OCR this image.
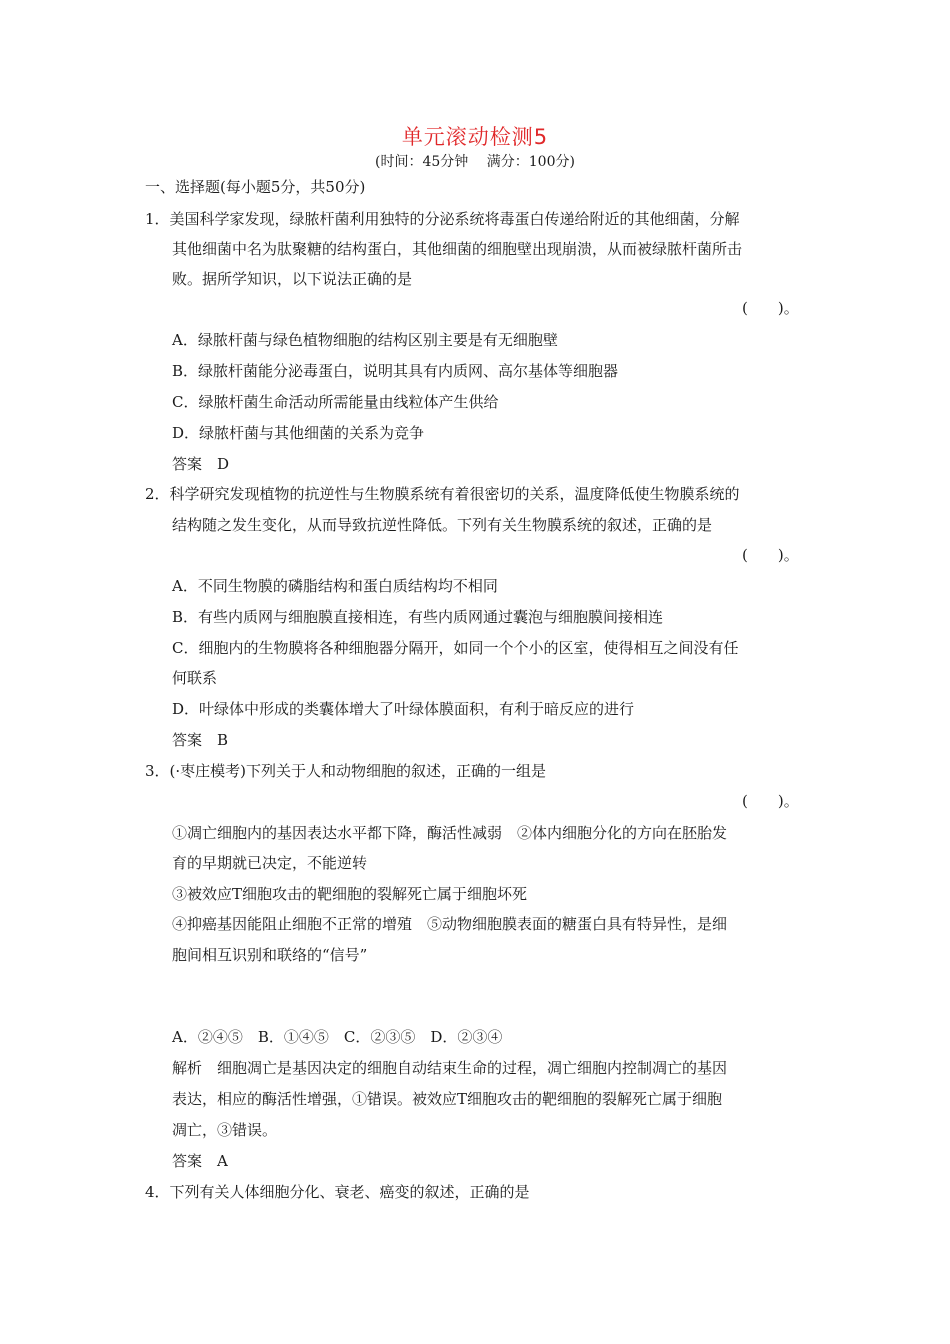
单元滚动检测5
(时间：45分钟　 满分：100分)
一、选择题(每小题5分，共50分)
1．美国科学家发现，绿脓杆菌利用独特的分泌系统将毒蛋白传递给附近的其他细菌，分解
其他细菌中名为肽聚糖的结构蛋白，其他细菌的细胞壁出现崩溃，从而被绿脓杆菌所击
败。据所学知识，以下说法正确的是
(　　)。
A．绿脓杆菌与绿色植物细胞的结构区别主要是有无细胞壁
B．绿脓杆菌能分泌毒蛋白，说明其具有内质网、高尔基体等细胞器
C．绿脓杆菌生命活动所需能量由线粒体产生供给
D．绿脓杆菌与其他细菌的关系为竞争
答案　D
2．科学研究发现植物的抗逆性与生物膜系统有着很密切的关系，温度降低使生物膜系统的
结构随之发生变化，从而导致抗逆性降低。下列有关生物膜系统的叙述，正确的是
(　　)。
A．不同生物膜的磷脂结构和蛋白质结构均不相同
B．有些内质网与细胞膜直接相连，有些内质网通过囊泡与细胞膜间接相连
C．细胞内的生物膜将各种细胞器分隔开，如同一个个小的区室，使得相互之间没有任
何联系
D．叶绿体中形成的类囊体增大了叶绿体膜面积，有利于暗反应的进行
答案　B
3．(·枣庄模考)下列关于人和动物细胞的叙述，正确的一组是
(　　)。
①凋亡细胞内的基因表达水平都下降，酶活性减弱　②体内细胞分化的方向在胚胎发
育的早期就已决定，不能逆转
③被效应T细胞攻击的靶细胞的裂解死亡属于细胞坏死
④抑癌基因能阻止细胞不正常的增殖　⑤动物细胞膜表面的糖蛋白具有特异性，是细
胞间相互识别和联络的“信号”
A．②④⑤　B．①④⑤　C．②③⑤　D．②③④
解析　细胞凋亡是基因决定的细胞自动结束生命的过程，凋亡细胞内控制凋亡的基因
表达，相应的酶活性增强，①错误。被效应T细胞攻击的靶细胞的裂解死亡属于细胞
凋亡，③错误。
答案　A
4．下列有关人体细胞分化、衰老、癌变的叙述，正确的是
